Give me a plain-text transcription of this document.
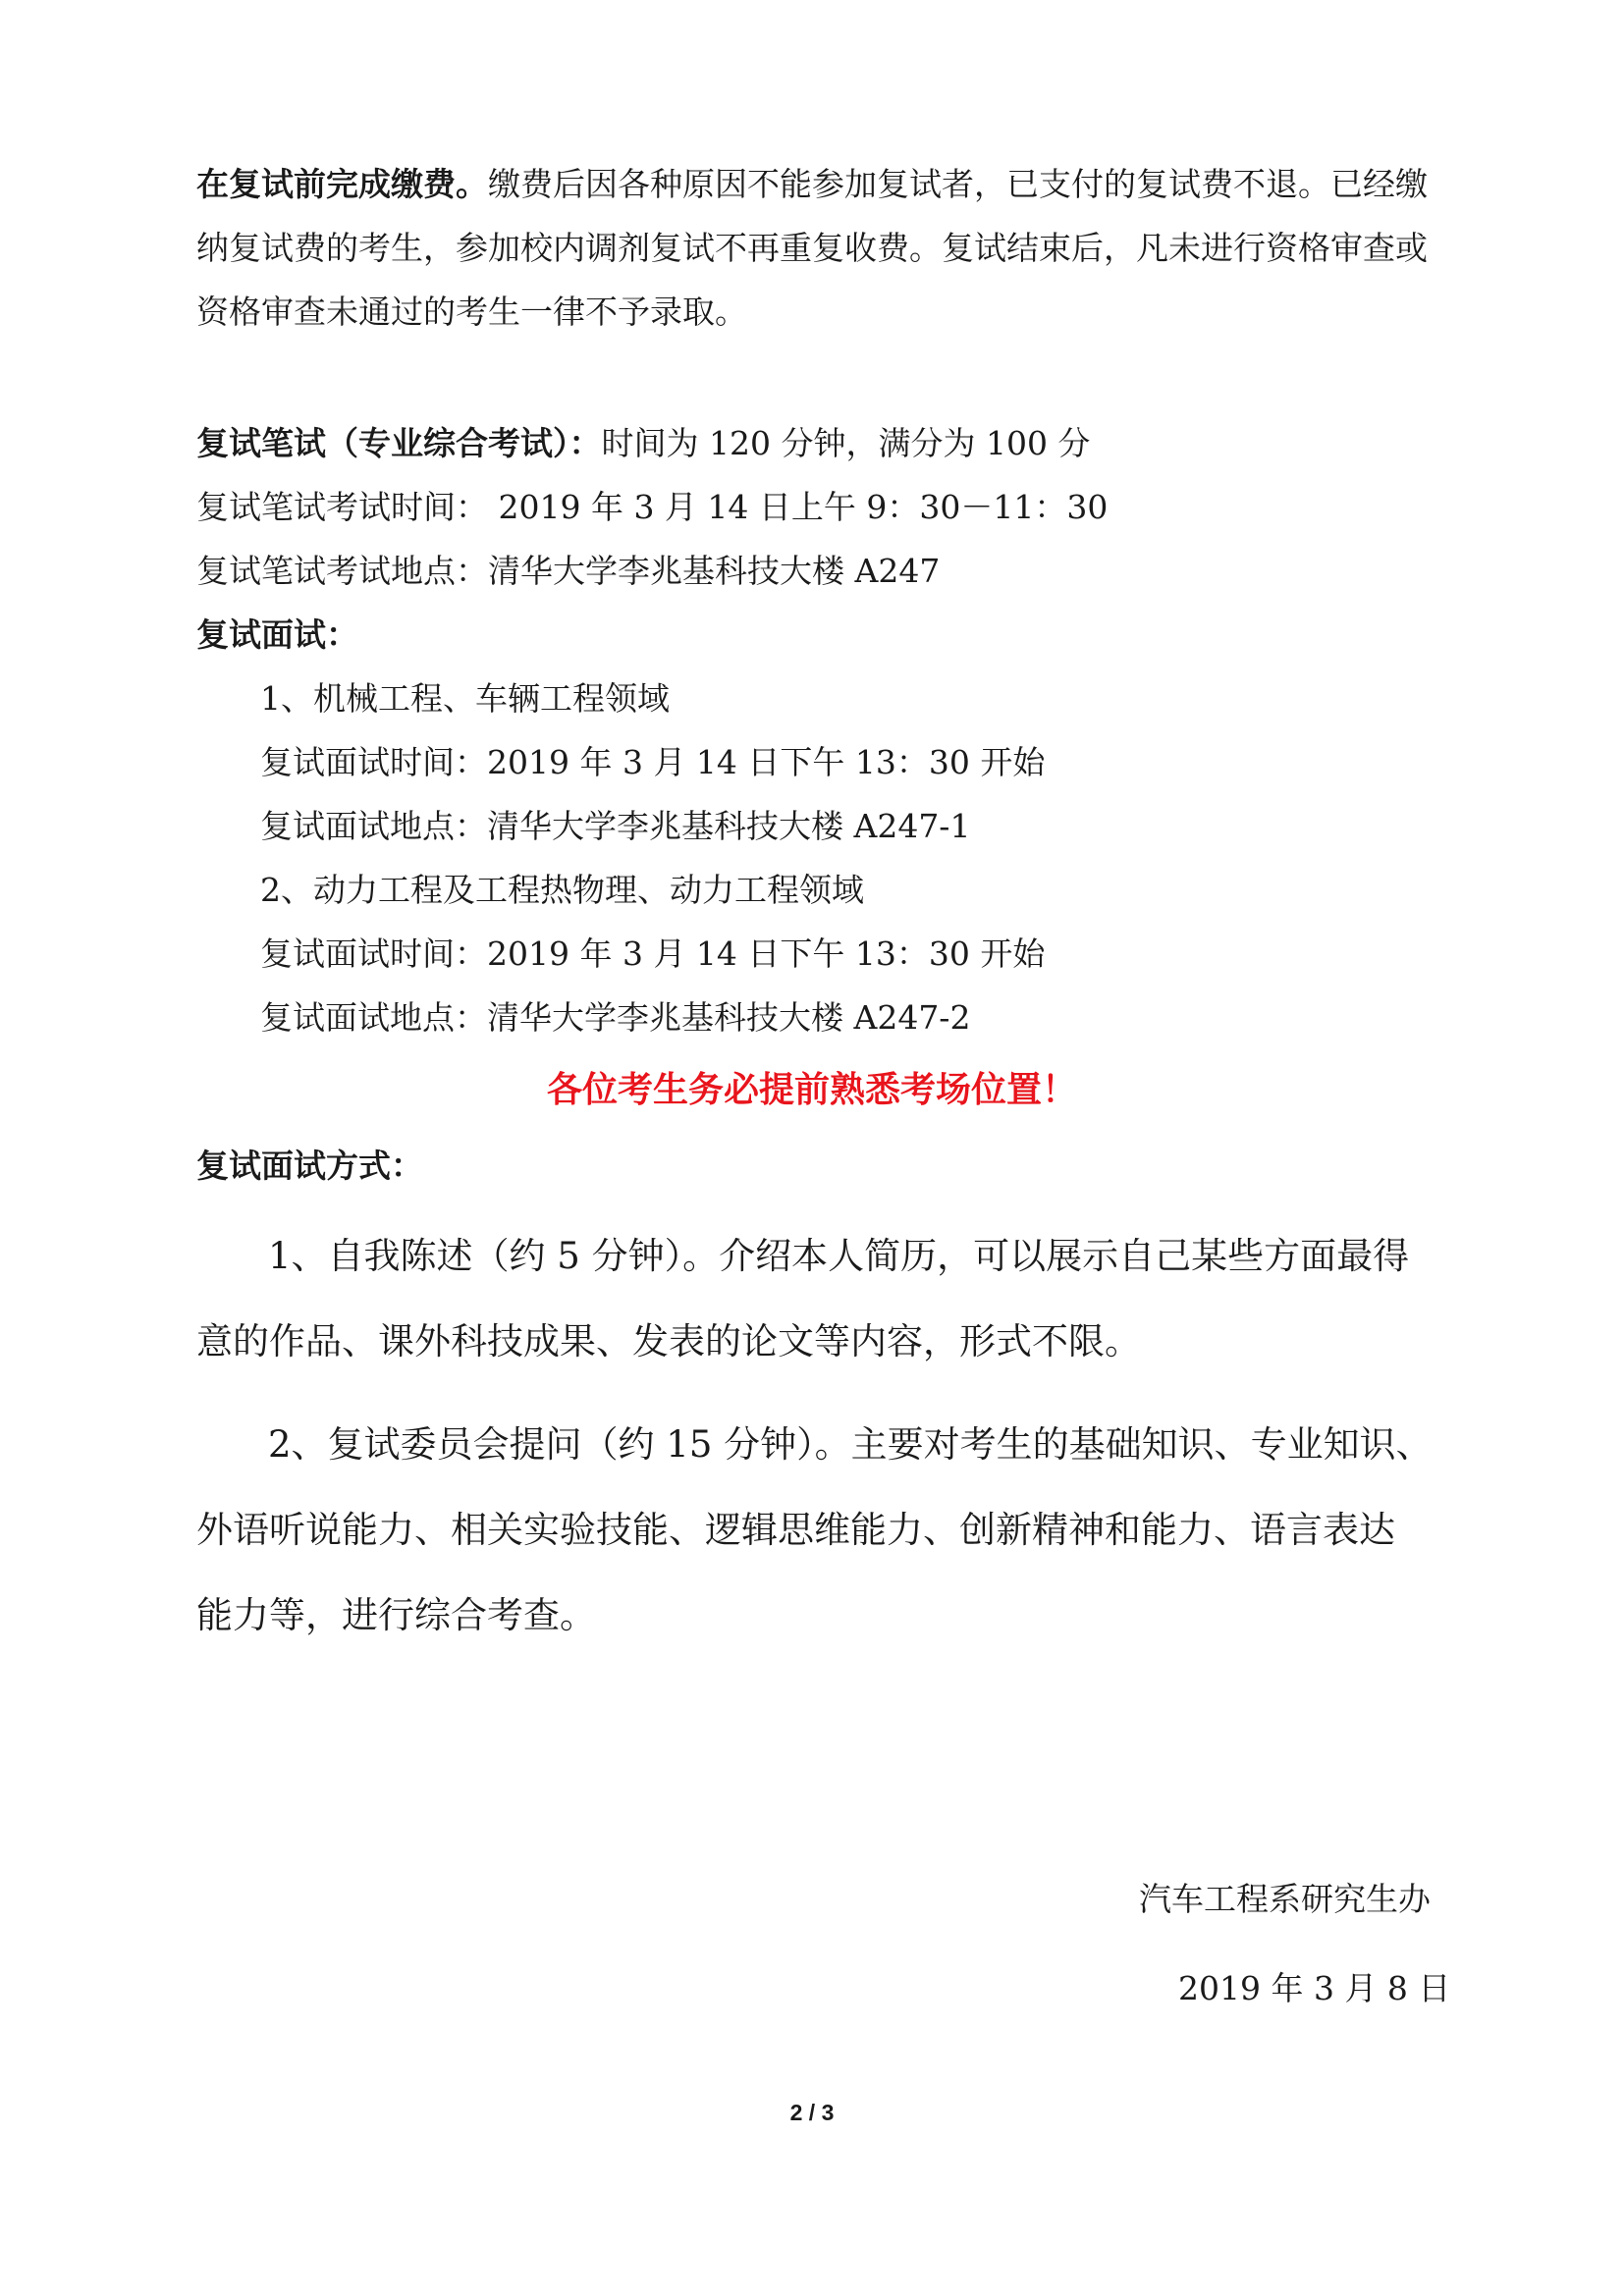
在复试前完成缴费。缴费后因各种原因不能参加复试者，已支付的复试费不退。已经缴
纳复试费的考生，参加校内调剂复试不再重复收费。复试结束后，凡未进行资格审查或
资格审查未通过的考生一律不予录取。
复试笔试（专业综合考试）：时间为 120 分钟，满分为 100 分
复试笔试考试时间： 2019 年 3 月 14 日上午 9：30－11：30
复试笔试考试地点：清华大学李兆基科技大楼 A247
复试面试：
1、机械工程、车辆工程领域
复试面试时间：2019 年 3 月 14 日下午 13：30 开始
复试面试地点：清华大学李兆基科技大楼 A247-1
2、动力工程及工程热物理、动力工程领域
复试面试时间：2019 年 3 月 14 日下午 13：30 开始
复试面试地点：清华大学李兆基科技大楼 A247-2
各位考生务必提前熟悉考场位置！
复试面试方式：
1、自我陈述（约 5 分钟）。介绍本人简历，可以展示自己某些方面最得
意的作品、课外科技成果、发表的论文等内容，形式不限。
2、复试委员会提问（约 15 分钟）。主要对考生的基础知识、专业知识、
外语听说能力、相关实验技能、逻辑思维能力、创新精神和能力、语言表达
能力等，进行综合考查。
汽车工程系研究生办
2019 年 3 月 8 日
2 / 3
